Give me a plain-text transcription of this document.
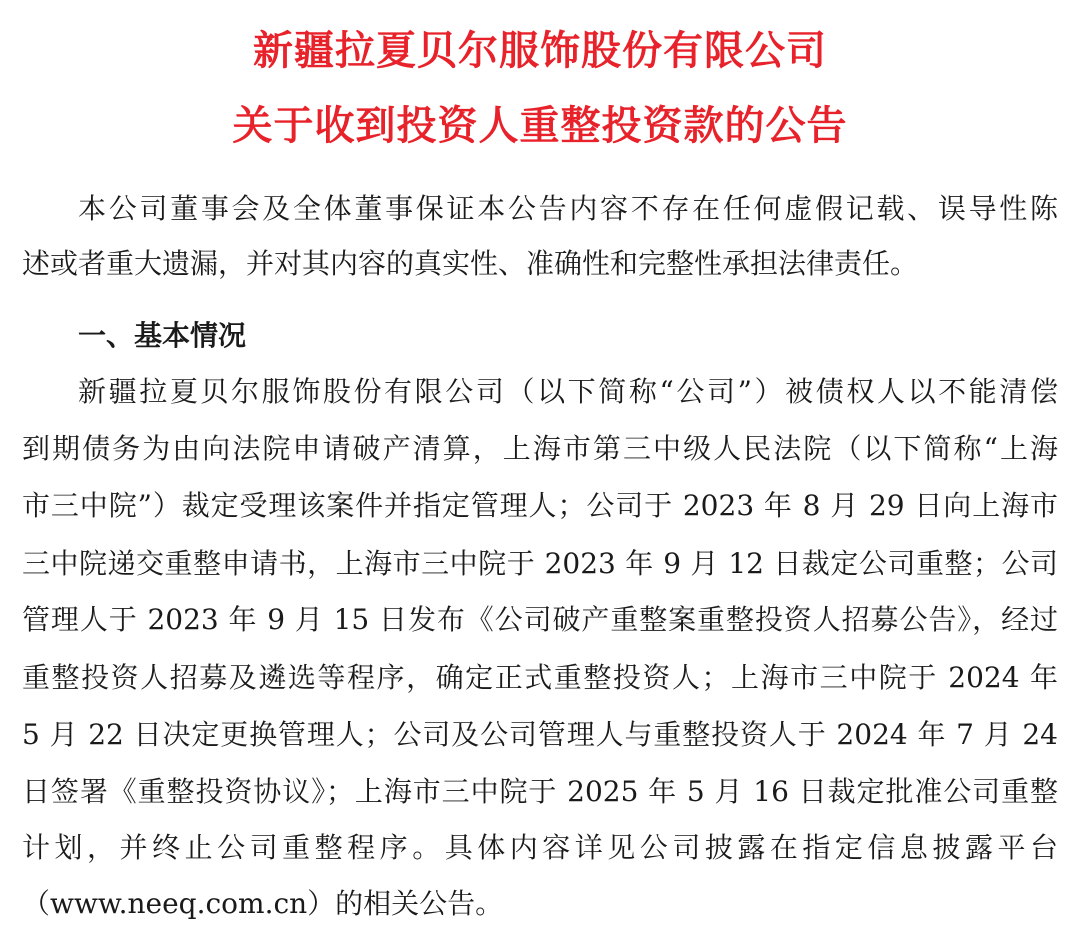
新疆拉夏贝尔服饰股份有限公司
关于收到投资人重整投资款的公告
本公司董事会及全体董事保证本公告内容不存在任何虚假记载、误导性陈
述或者重大遗漏，并对其内容的真实性、准确性和完整性承担法律责任。
一、基本情况
新疆拉夏贝尔服饰股份有限公司（以下简称“公司”）被债权人以不能清偿
到期债务为由向法院申请破产清算，上海市第三中级人民法院（以下简称“上海
市三中院”）裁定受理该案件并指定管理人；公司于 2023 年 8 月 29 日向上海市
三中院递交重整申请书，上海市三中院于 2023 年 9 月 12 日裁定公司重整；公司
管理人于 2023 年 9 月 15 日发布《公司破产重整案重整投资人招募公告》，经过
重整投资人招募及遴选等程序，确定正式重整投资人；上海市三中院于 2024 年
5 月 22 日决定更换管理人；公司及公司管理人与重整投资人于 2024 年 7 月 24
日签署《重整投资协议》；上海市三中院于 2025 年 5 月 16 日裁定批准公司重整
计划，并终止公司重整程序。具体内容详见公司披露在指定信息披露平台
（www.neeq.com.cn）的相关公告。
